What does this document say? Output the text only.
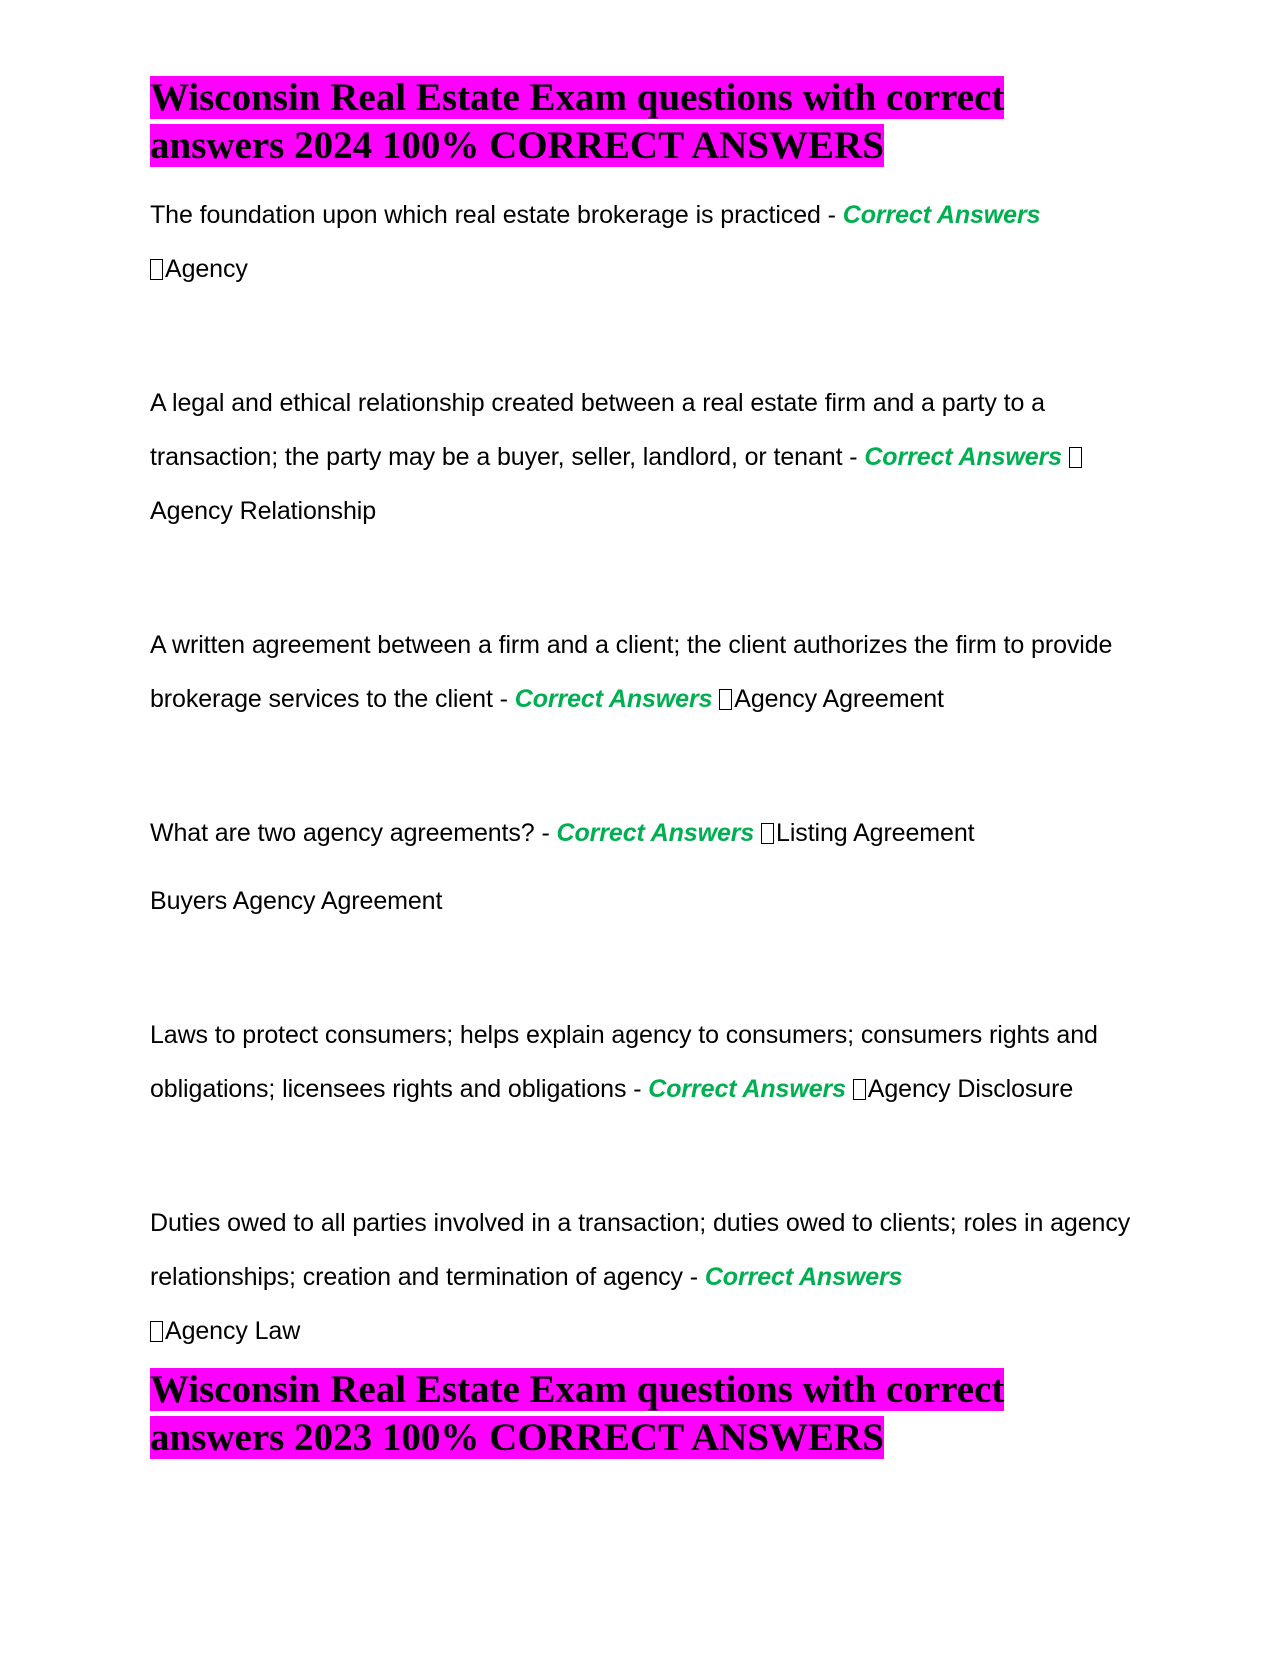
Wisconsin Real Estate Exam questions with correct answers 2024 100% CORRECT ANSWERS

The foundation upon which real estate brokerage is practiced - Correct Answers
Agency

A legal and ethical relationship created between a real estate firm and a party to a transaction; the party may be a buyer, seller, landlord, or tenant - Correct Answers Agency Relationship

A written agreement between a firm and a client; the client authorizes the firm to provide brokerage services to the client - Correct Answers Agency Agreement

What are two agency agreements? - Correct Answers Listing Agreement

Buyers Agency Agreement

Laws to protect consumers; helps explain agency to consumers; consumers rights and obligations; licensees rights and obligations - Correct Answers Agency Disclosure

Duties owed to all parties involved in a transaction; duties owed to clients; roles in agency relationships; creation and termination of agency - Correct Answers
Agency Law

Wisconsin Real Estate Exam questions with correct answers 2023 100% CORRECT ANSWERS
